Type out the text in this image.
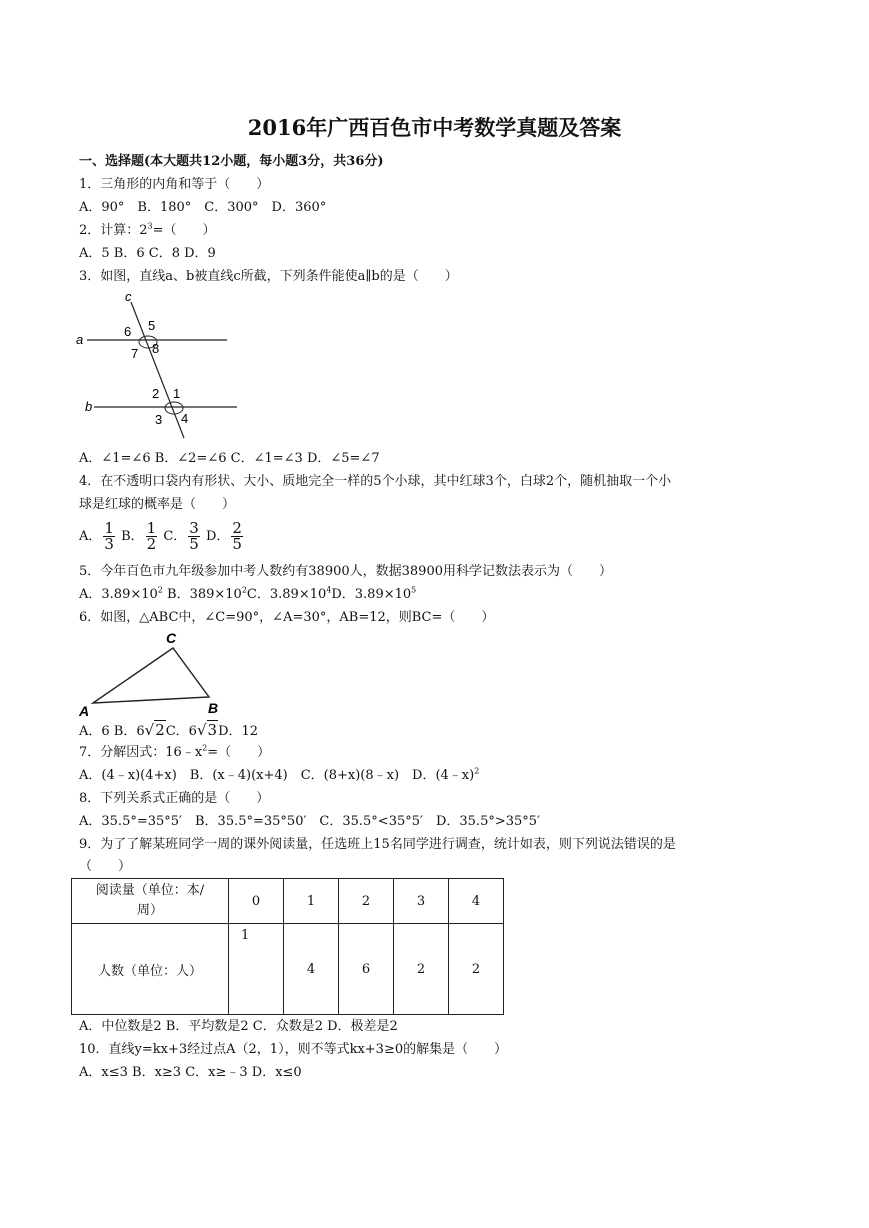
2016年广西百色市中考数学真题及答案
一、选择题(本大题共12小题，每小题3分，共36分)
1．三角形的内角和等于（　　）
A．90°　B．180°　C．300°　D．360°
2．计算：$2^3=$（　　）
A．5 B．6 C．8 D．9
3．如图，直线a、b被直线c所截，下列条件能使a∥b的是（　　）
c
a
b
6 5
7 8
2 1
3 4
A．∠1=∠6 B．∠2=∠6 C．∠1=∠3 D．∠5=∠7
4．在不透明口袋内有形状、大小、质地完全一样的5个小球，其中红球3个，白球2个，随机抽取一个小
球是红球的概率是（　　）
A． $\frac{1}{3}$ B． $\frac{1}{2}$ C． $\frac{3}{5}$ D． $\frac{2}{5}$
5．今年百色市九年级参加中考人数约有38900人，数据38900用科学记数法表示为（　　）
A．$3.89\times 10^2$ B．$389\times 10^2C$．$3.89\times 10^4D$．$3.89\times 10^5$
6．如图，△ABC中，∠C=90°，∠A=30°，AB=12，则BC=（　　）
A	B
C
A．6 B．6√2C．6√3D．12
7．分解因式：$16﹣x^2=$（　　）
A．(4﹣x)(4+x)　B．(x﹣4)(x+4)　C．(8+x)(8﹣x)　D．(4﹣x)$^2$
8．下列关系式正确的是（　　）
A．35.5°=35°5′　B．35.5°=35°50′　C．35.5°<35°5′　D．35.5°>35°5′
9．为了了解某班同学一周的课外阅读量，任选班上15名同学进行调查，统计如表，则下列说法错误的是
（　　）
阅读量（单位：本/
周）	0	1	2	3	4
人数（单位：人）	1	4	6	2	2
A．中位数是2 B．平均数是2 C．众数是2 D．极差是2
10．直线y=kx+3经过点A（2，1），则不等式kx+3≥0的解集是（　　）
A．x≤3 B．x≥3 C．x≥﹣3 D．x≤0
